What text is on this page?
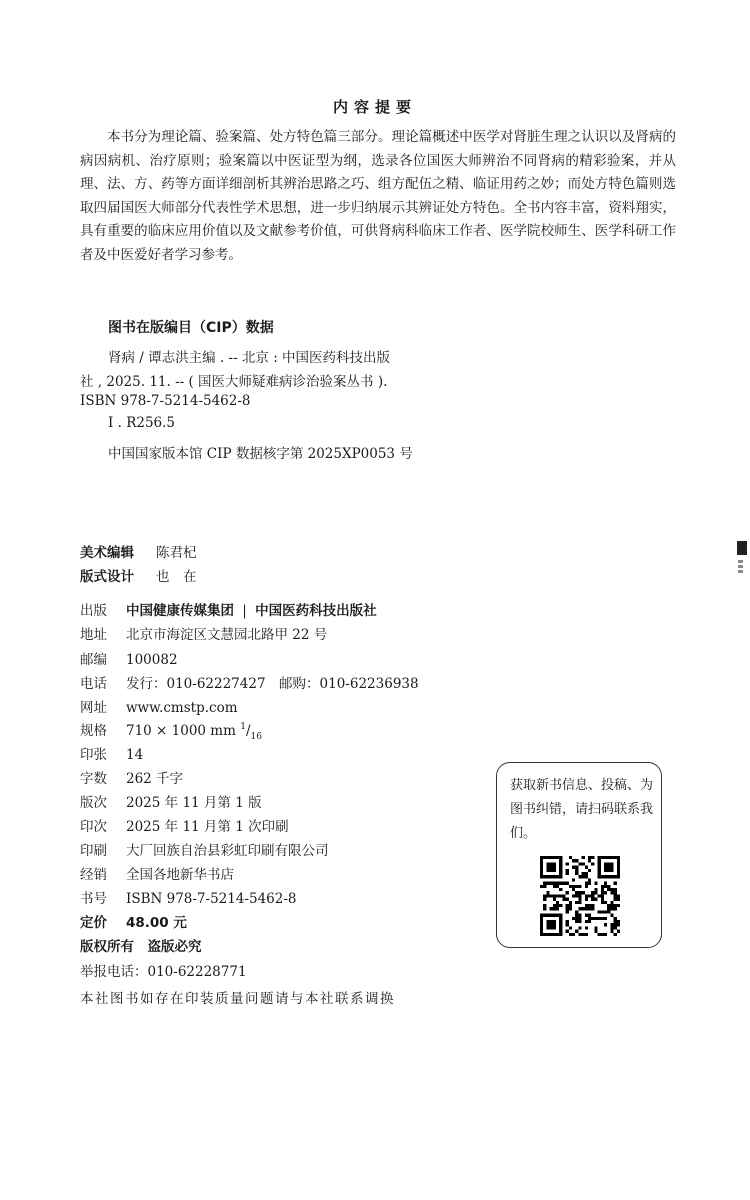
内容提要
本书分为理论篇、验案篇、处方特色篇三部分。理论篇概述中医学对肾脏生理之认识以及肾病的病因病机、治疗原则；验案篇以中医证型为纲，选录各位国医大师辨治不同肾病的精彩验案，并从理、法、方、药等方面详细剖析其辨治思路之巧、组方配伍之精、临证用药之妙；而处方特色篇则选取四届国医大师部分代表性学术思想，进一步归纳展示其辨证处方特色。全书内容丰富，资料翔实，具有重要的临床应用价值以及文献参考价值，可供肾病科临床工作者、医学院校师生、医学科研工作者及中医爱好者学习参考。
图书在版编目（CIP）数据
肾病 / 谭志洪主编 . -- 北京 : 中国医药科技出版
社 , 2025. 11. -- ( 国医大师疑难病诊治验案丛书 ).
ISBN 978-7-5214-5462-8
Ⅰ . R256.5
中国国家版本馆 CIP 数据核字第 2025XP0053 号
美术编辑 陈君杞
版式设计 也　在
出版 中国健康传媒集团 | 中国医药科技出版社
地址 北京市海淀区文慧园北路甲 22 号
邮编 100082
电话 发行：010-62227427　邮购：010-62236938
网址 www.cmstp.com
规格 710 × 1000 mm $^1/_{16}$
印张 14
字数 262 千字
版次 2025 年 11 月第 1 版
印次 2025 年 11 月第 1 次印刷
印刷 大厂回族自治县彩虹印刷有限公司
经销 全国各地新华书店
书号 ISBN 978-7-5214-5462-8
定价 48.00 元
版权所有　盗版必究
举报电话：010-62228771
本社图书如存在印装质量问题请与本社联系调换
获取新书信息、投稿、为图书纠错，请扫码联系我们。
